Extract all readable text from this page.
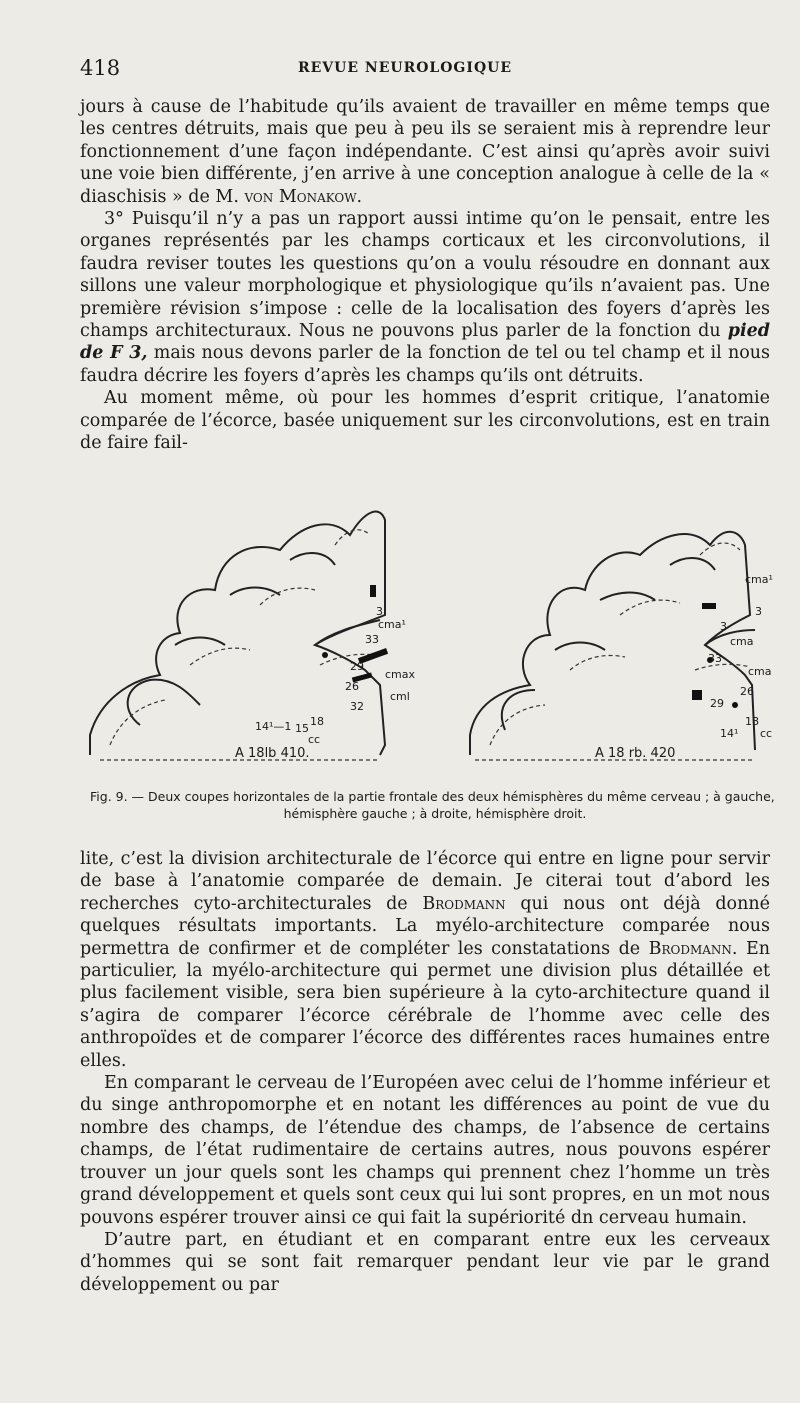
418	REVUE NEUROLOGIQUE

jours à cause de l’habitude qu’ils avaient de travailler en même temps que les centres détruits, mais que peu à peu ils se seraient mis à reprendre leur fonctionnement d’une façon indépendante. C’est ainsi qu’après avoir suivi une voie bien différente, j’en arrive à une conception analogue à celle de la « diaschisis » de M. von Monakow.

3° Puisqu’il n’y a pas un rapport aussi intime qu’on le pensait, entre les organes représentés par les champs corticaux et les circonvolutions, il faudra reviser toutes les questions qu’on a voulu résoudre en donnant aux sillons une valeur morphologique et physiologique qu’ils n’avaient pas. Une première révision s’impose : celle de la localisation des foyers d’après les champs architecturaux. Nous ne pouvons plus parler de la fonction du pied de F 3, mais nous devons parler de la fonction de tel ou tel champ et il nous faudra décrire les foyers d’après les champs qu’ils ont détruits.

Au moment même, où pour les hommes d’esprit critique, l’anatomie comparée de l’écorce, basée uniquement sur les circonvolutions, est en train de faire fail-

3
cma¹
33
29
cmax
26
cml
32
14¹—1 15
18
cc
A 18lb 410.
cma¹
3
3
cma
33
cma
26
29
14¹
18
cc
A 18 rb. 420
Fig. 9. — Deux coupes horizontales de la partie frontale des deux hémisphères du même cerveau ; à gauche,
hémisphère gauche ; à droite, hémisphère droit.

lite, c’est la division architecturale de l’écorce qui entre en ligne pour servir de base à l’anatomie comparée de demain. Je citerai tout d’abord les recherches cyto-architecturales de Brodmann qui nous ont déjà donné quelques résultats importants. La myélo-architecture comparée nous permettra de confirmer et de compléter les constatations de Brodmann. En particulier, la myélo-architecture qui permet une division plus détaillée et plus facilement visible, sera bien supérieure à la cyto-architecture quand il s’agira de comparer l’écorce cérébrale de l’homme avec celle des anthropoïdes et de comparer l’écorce des différentes races humaines entre elles.

En comparant le cerveau de l’Européen avec celui de l’homme inférieur et du singe anthropomorphe et en notant les différences au point de vue du nombre des champs, de l’étendue des champs, de l’absence de certains champs, de l’état rudimentaire de certains autres, nous pouvons espérer trouver un jour quels sont les champs qui prennent chez l’homme un très grand développement et quels sont ceux qui lui sont propres, en un mot nous pouvons espérer trouver ainsi ce qui fait la supériorité dn cerveau humain.

D’autre part, en étudiant et en comparant entre eux les cerveaux d’hommes qui se sont fait remarquer pendant leur vie par le grand développement ou par
